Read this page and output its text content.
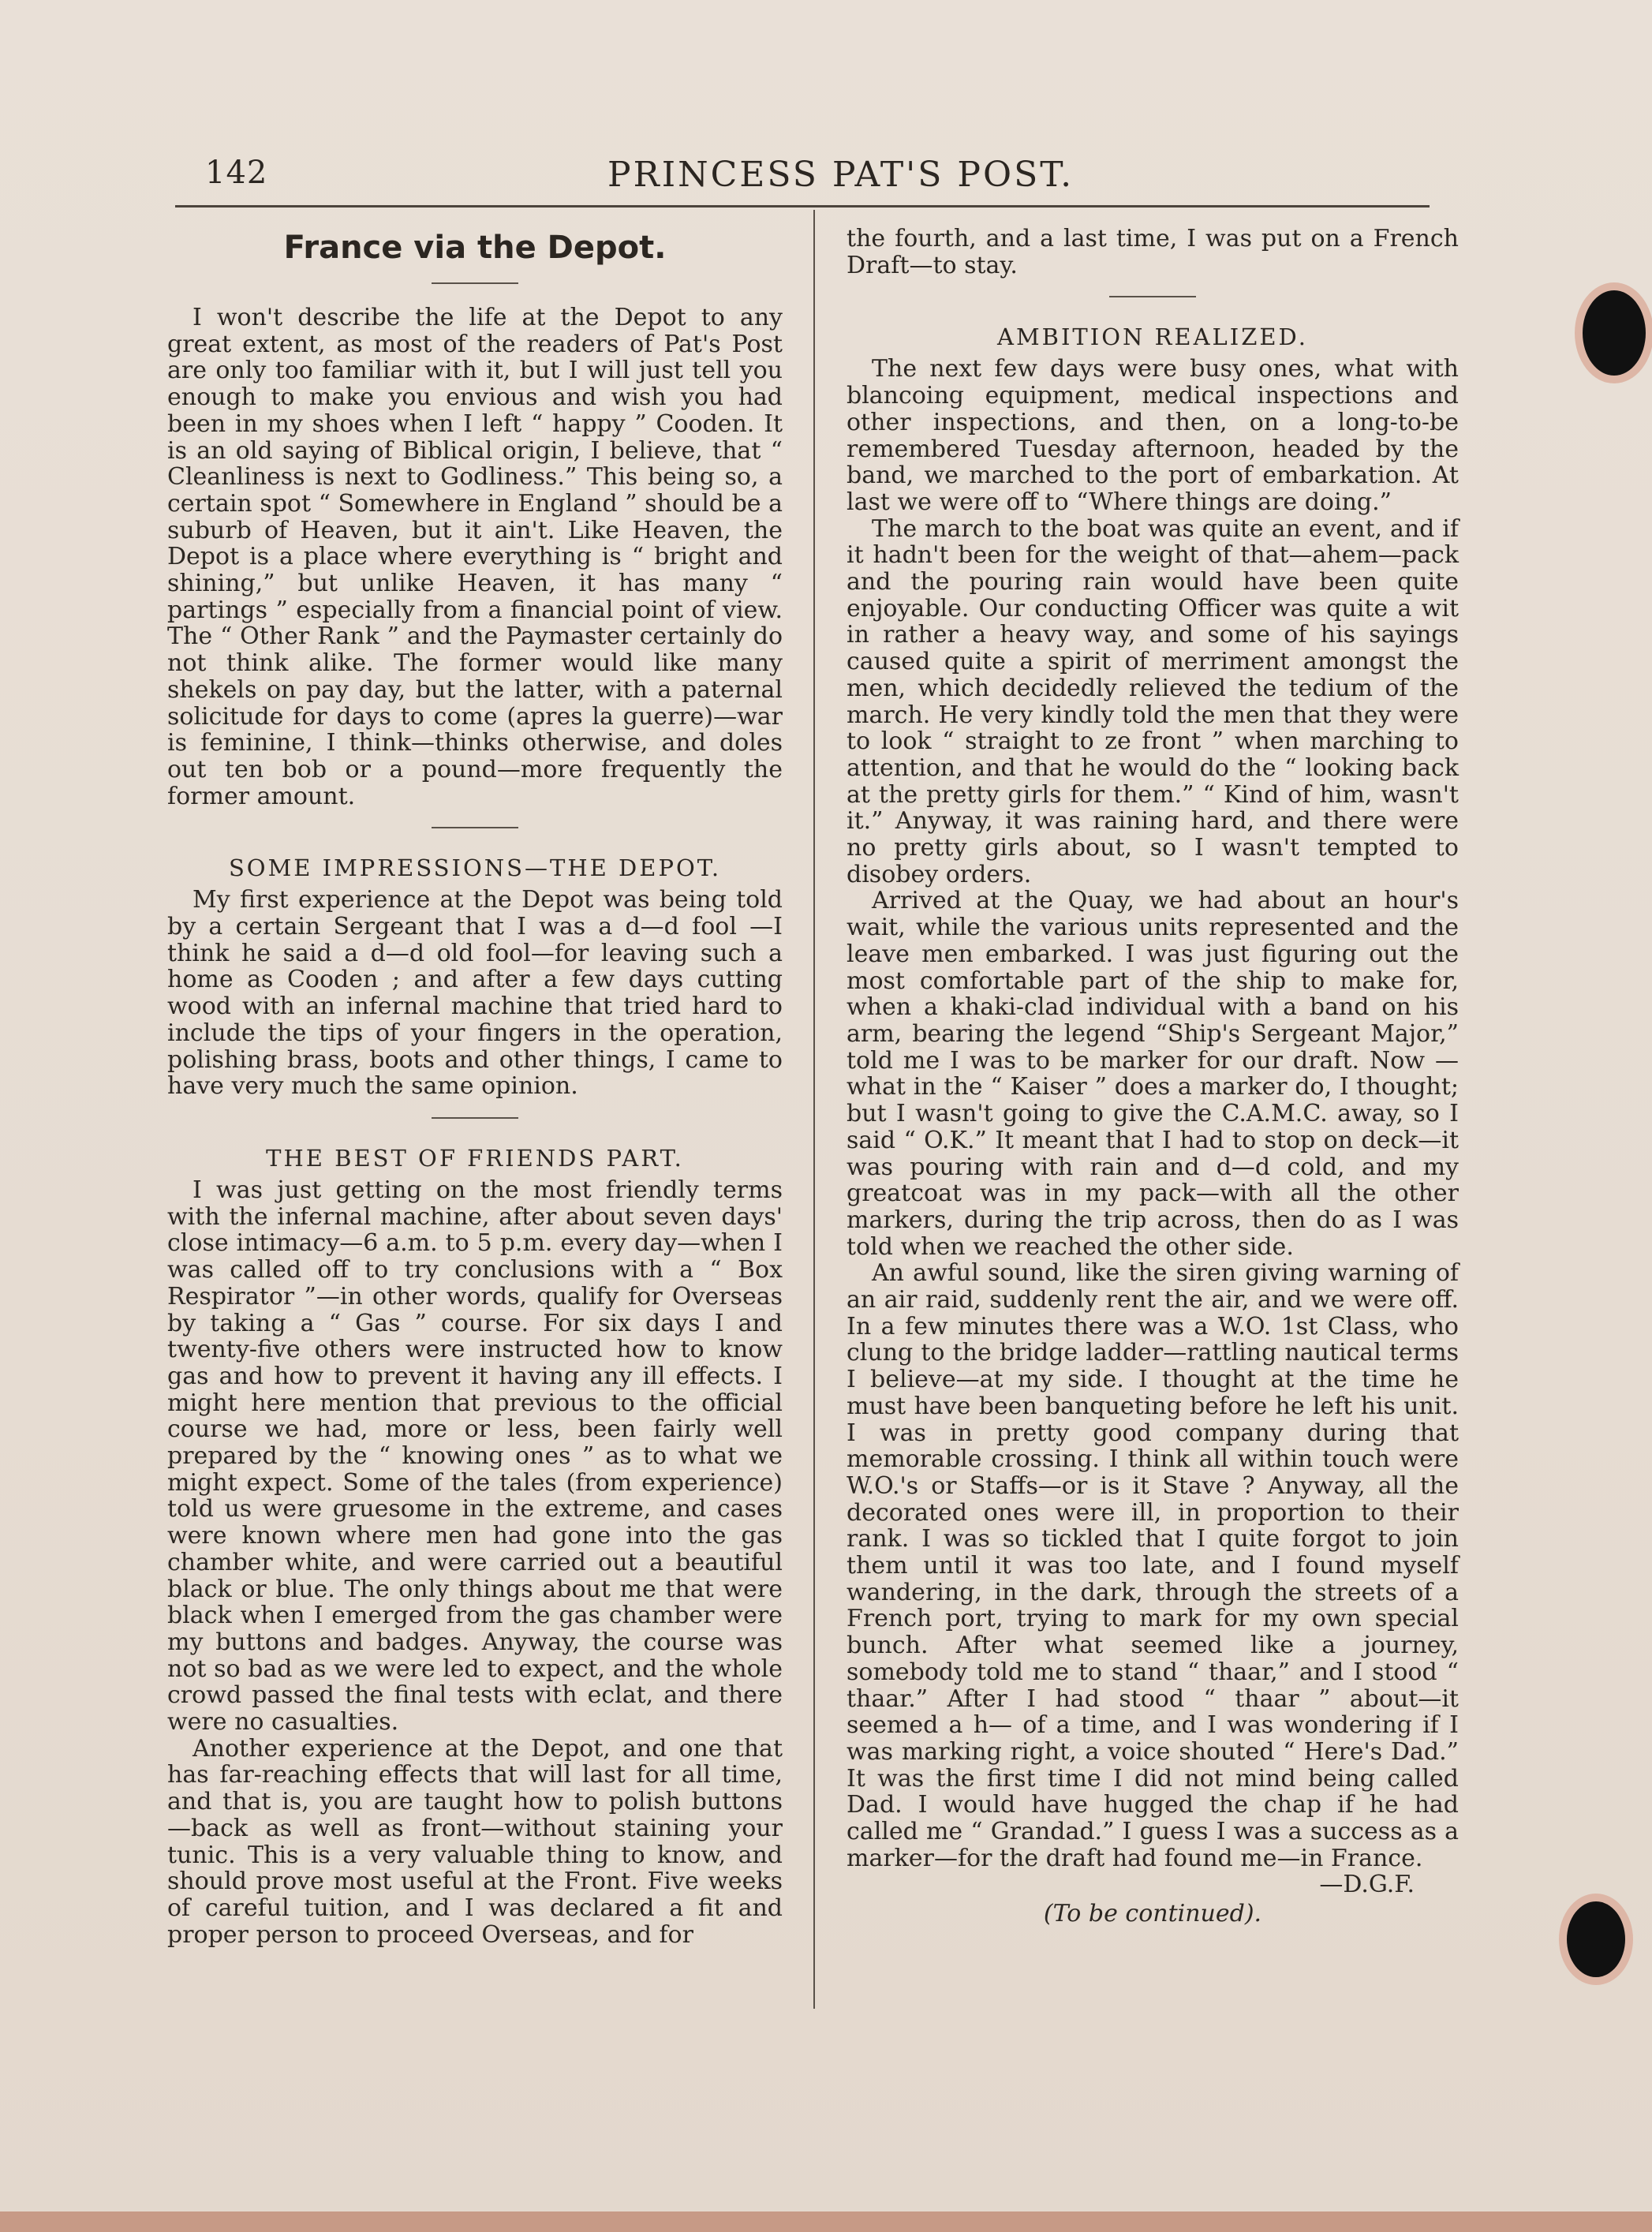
142	PRINCESS PAT'S POST.
France via the Depot.

I won't describe the life at the Depot to any great extent, as most of the readers of Pat's Post are only too familiar with it, but I will just tell you enough to make you envious and wish you had been in my shoes when I left “ happy ” Cooden. It is an old saying of Biblical origin, I believe, that “ Cleanliness is next to Godliness.” This being so, a certain spot “ Somewhere in England ” should be a suburb of Heaven, but it ain't. Like Heaven, the Depot is a place where everything is “ bright and shining,” but unlike Heaven, it has many “ partings ” especially from a financial point of view. The “ Other Rank ” and the Paymaster certainly do not think alike. The former would like many shekels on pay day, but the latter, with a paternal solicitude for days to come (apres la guerre)—war is feminine, I think—thinks otherwise, and doles out ten bob or a pound—more frequently the former amount.

SOME IMPRESSIONS—THE DEPOT.

My first experience at the Depot was being told by a certain Sergeant that I was a d—d fool —I think he said a d—d old fool—for leaving such a home as Cooden ; and after a few days cutting wood with an infernal machine that tried hard to include the tips of your fingers in the operation, polishing brass, boots and other things, I came to have very much the same opinion.

THE BEST OF FRIENDS PART.

I was just getting on the most friendly terms with the infernal machine, after about seven days' close intimacy—6 a.m. to 5 p.m. every day—when I was called off to try conclusions with a “ Box Respirator ”—in other words, qualify for Overseas by taking a “ Gas ” course. For six days I and twenty-five others were instructed how to know gas and how to prevent it having any ill effects. I might here mention that previous to the official course we had, more or less, been fairly well prepared by the “ knowing ones ” as to what we might expect. Some of the tales (from experience) told us were gruesome in the extreme, and cases were known where men had gone into the gas chamber white, and were carried out a beautiful black or blue. The only things about me that were black when I emerged from the gas chamber were my buttons and badges. Anyway, the course was not so bad as we were led to expect, and the whole crowd passed the final tests with eclat, and there were no casualties.

Another experience at the Depot, and one that has far-reaching effects that will last for all time, and that is, you are taught how to polish buttons —back as well as front—without staining your tunic. This is a very valuable thing to know, and should prove most useful at the Front. Five weeks of careful tuition, and I was declared a fit and proper person to proceed Overseas, and for

the fourth, and a last time, I was put on a French Draft—to stay.

AMBITION REALIZED.

The next few days were busy ones, what with blancoing equipment, medical inspections and other inspections, and then, on a long-to-be remembered Tuesday afternoon, headed by the band, we marched to the port of embarkation. At last we were off to “Where things are doing.”

The march to the boat was quite an event, and if it hadn't been for the weight of that—ahem—pack and the pouring rain would have been quite enjoyable. Our conducting Officer was quite a wit in rather a heavy way, and some of his sayings caused quite a spirit of merriment amongst the men, which decidedly relieved the tedium of the march. He very kindly told the men that they were to look “ straight to ze front ” when marching to attention, and that he would do the “ looking back at the pretty girls for them.” “ Kind of him, wasn't it.” Anyway, it was raining hard, and there were no pretty girls about, so I wasn't tempted to disobey orders.

Arrived at the Quay, we had about an hour's wait, while the various units represented and the leave men embarked. I was just figuring out the most comfortable part of the ship to make for, when a khaki-clad individual with a band on his arm, bearing the legend “Ship's Sergeant Major,” told me I was to be marker for our draft. Now —what in the “ Kaiser ” does a marker do, I thought; but I wasn't going to give the C.A.M.C. away, so I said “ O.K.” It meant that I had to stop on deck—it was pouring with rain and d—d cold, and my greatcoat was in my pack—with all the other markers, during the trip across, then do as I was told when we reached the other side.

An awful sound, like the siren giving warning of an air raid, suddenly rent the air, and we were off. In a few minutes there was a W.O. 1st Class, who clung to the bridge ladder—rattling nautical terms I believe—at my side. I thought at the time he must have been banqueting before he left his unit. I was in pretty good company during that memorable crossing. I think all within touch were W.O.'s or Staffs—or is it Stave ? Anyway, all the decorated ones were ill, in proportion to their rank. I was so tickled that I quite forgot to join them until it was too late, and I found myself wandering, in the dark, through the streets of a French port, trying to mark for my own special bunch. After what seemed like a journey, somebody told me to stand “ thaar,” and I stood “ thaar.” After I had stood “ thaar ” about—it seemed a h— of a time, and I was wondering if I was marking right, a voice shouted “ Here's Dad.” It was the first time I did not mind being called Dad. I would have hugged the chap if he had called me “ Grandad.” I guess I was a success as a marker—for the draft had found me—in France.

—D.G.F.
(To be continued).
